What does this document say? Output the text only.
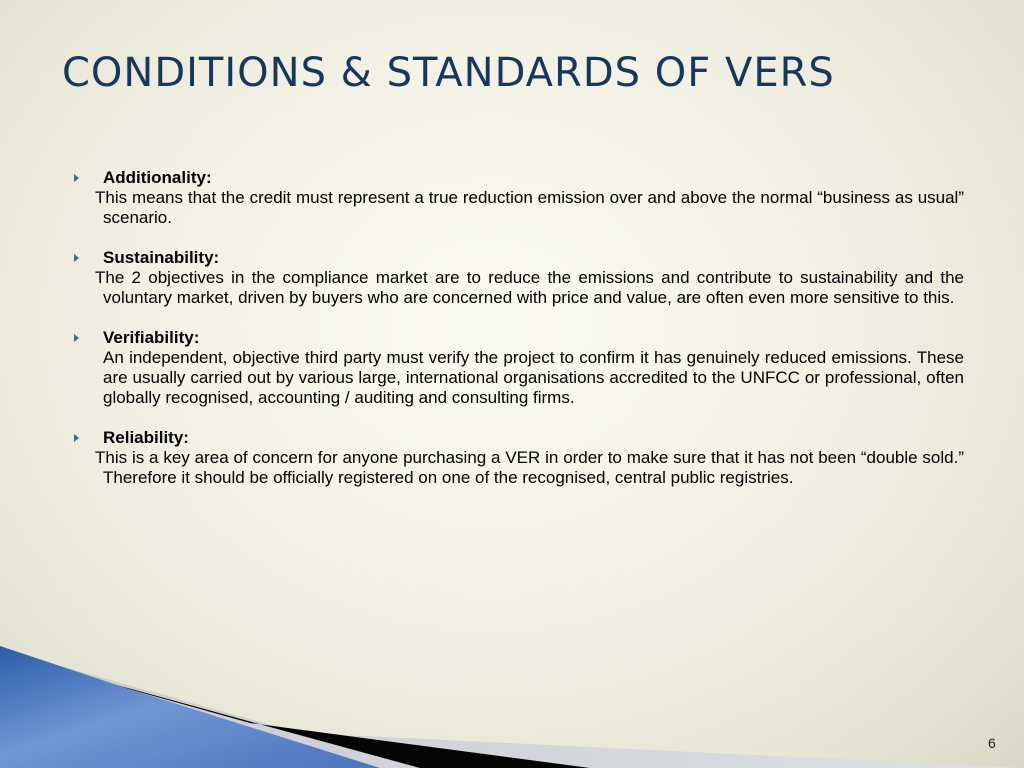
CONDITIONS & STANDARDS OF VERS
Additionality:

This means that the credit must represent a true reduction emission over and above the normal “business as usual” scenario.

Sustainability:

The 2 objectives in the compliance market are to reduce the emissions and contribute to sustainability and the voluntary market, driven by buyers who are concerned with price and value, are often even more sensitive to this.

Verifiability:

An independent, objective third party must verify the project to confirm it has genuinely reduced emissions. These are usually carried out by various large, international organisations accredited to the UNFCC or professional, often globally recognised, accounting / auditing and consulting firms.

Reliability:

This is a key area of concern for anyone purchasing a VER in order to make sure that it has not been “double sold.” Therefore it should be officially registered on one of the recognised, central public registries.

6
